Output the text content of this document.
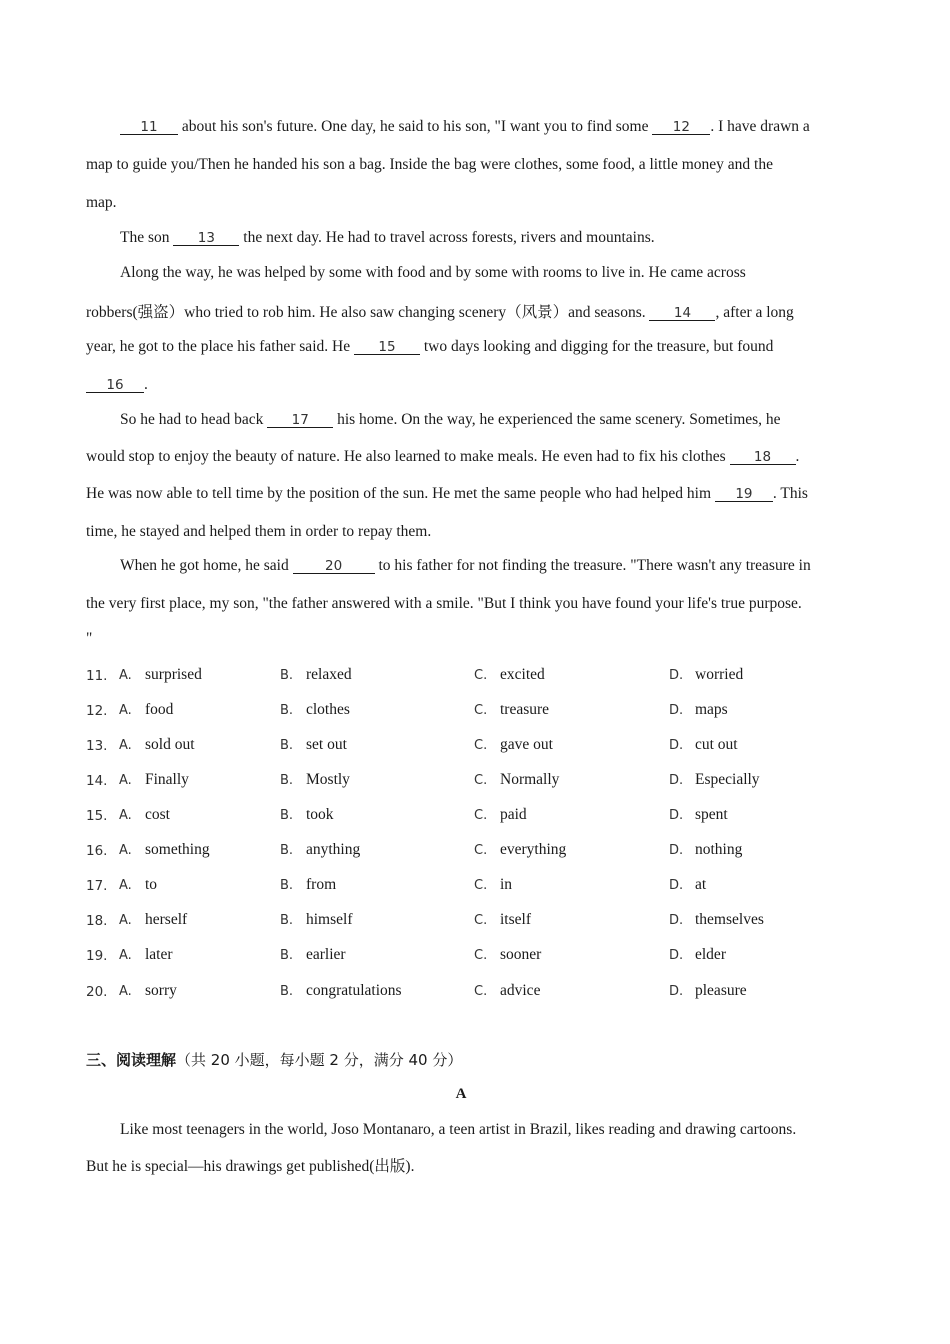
11 about his son's future. One day, he said to his son, "I want you to find some 12 . I have drawn a
map to guide you/Then he handed his son a bag. Inside the bag were clothes, some food, a little money and the
map.
The son 13 the next day. He had to travel across forests, rivers and mountains.
Along the way, he was helped by some with food and by some with rooms to live in. He came across
robbers(强盗）who tried to rob him. He also saw changing scenery（风景）and seasons. 14 , after a long
year, he got to the place his father said. He 15 two days looking and digging for the treasure, but found
16 .
So he had to head back 17 his home. On the way, he experienced the same scenery. Sometimes, he
would stop to enjoy the beauty of nature. He also learned to make meals. He even had to fix his clothes 18 .
He was now able to tell time by the position of the sun. He met the same people who had helped him 19 . This
time, he stayed and helped them in order to repay them.
When he got home, he said	20 to his father for not finding the treasure. "There wasn't any treasure in
the very first place, my son, "the father answered with a smile. "But I think you have found your life's true purpose.
"
11. A. surprised	B. relaxed	C. excited	D. worried
12. A. food	B. clothes	C. treasure	D. maps
13. A. sold out	B. set out	C. gave out	D. cut out
14. A. Finally	B. Mostly	C. Normally	D. Especially
15. A. cost	B. took	C. paid	D. spent
16. A. something	B. anything	C. everything	D. nothing
17. A. to	B. from	C. in	D. at
18. A. herself	B. himself	C. itself	D. themselves
19. A. later	B. earlier	C. sooner	D. elder
20. A. sorry	B. congratulations	C. advice	D. pleasure
三、阅读理解（共 20 小题，每小题 2 分，满分 40 分）
A
Like most teenagers in the world, Joso Montanaro, a teen artist in Brazil, likes reading and drawing cartoons.
But he is special—his drawings get published(出版).
